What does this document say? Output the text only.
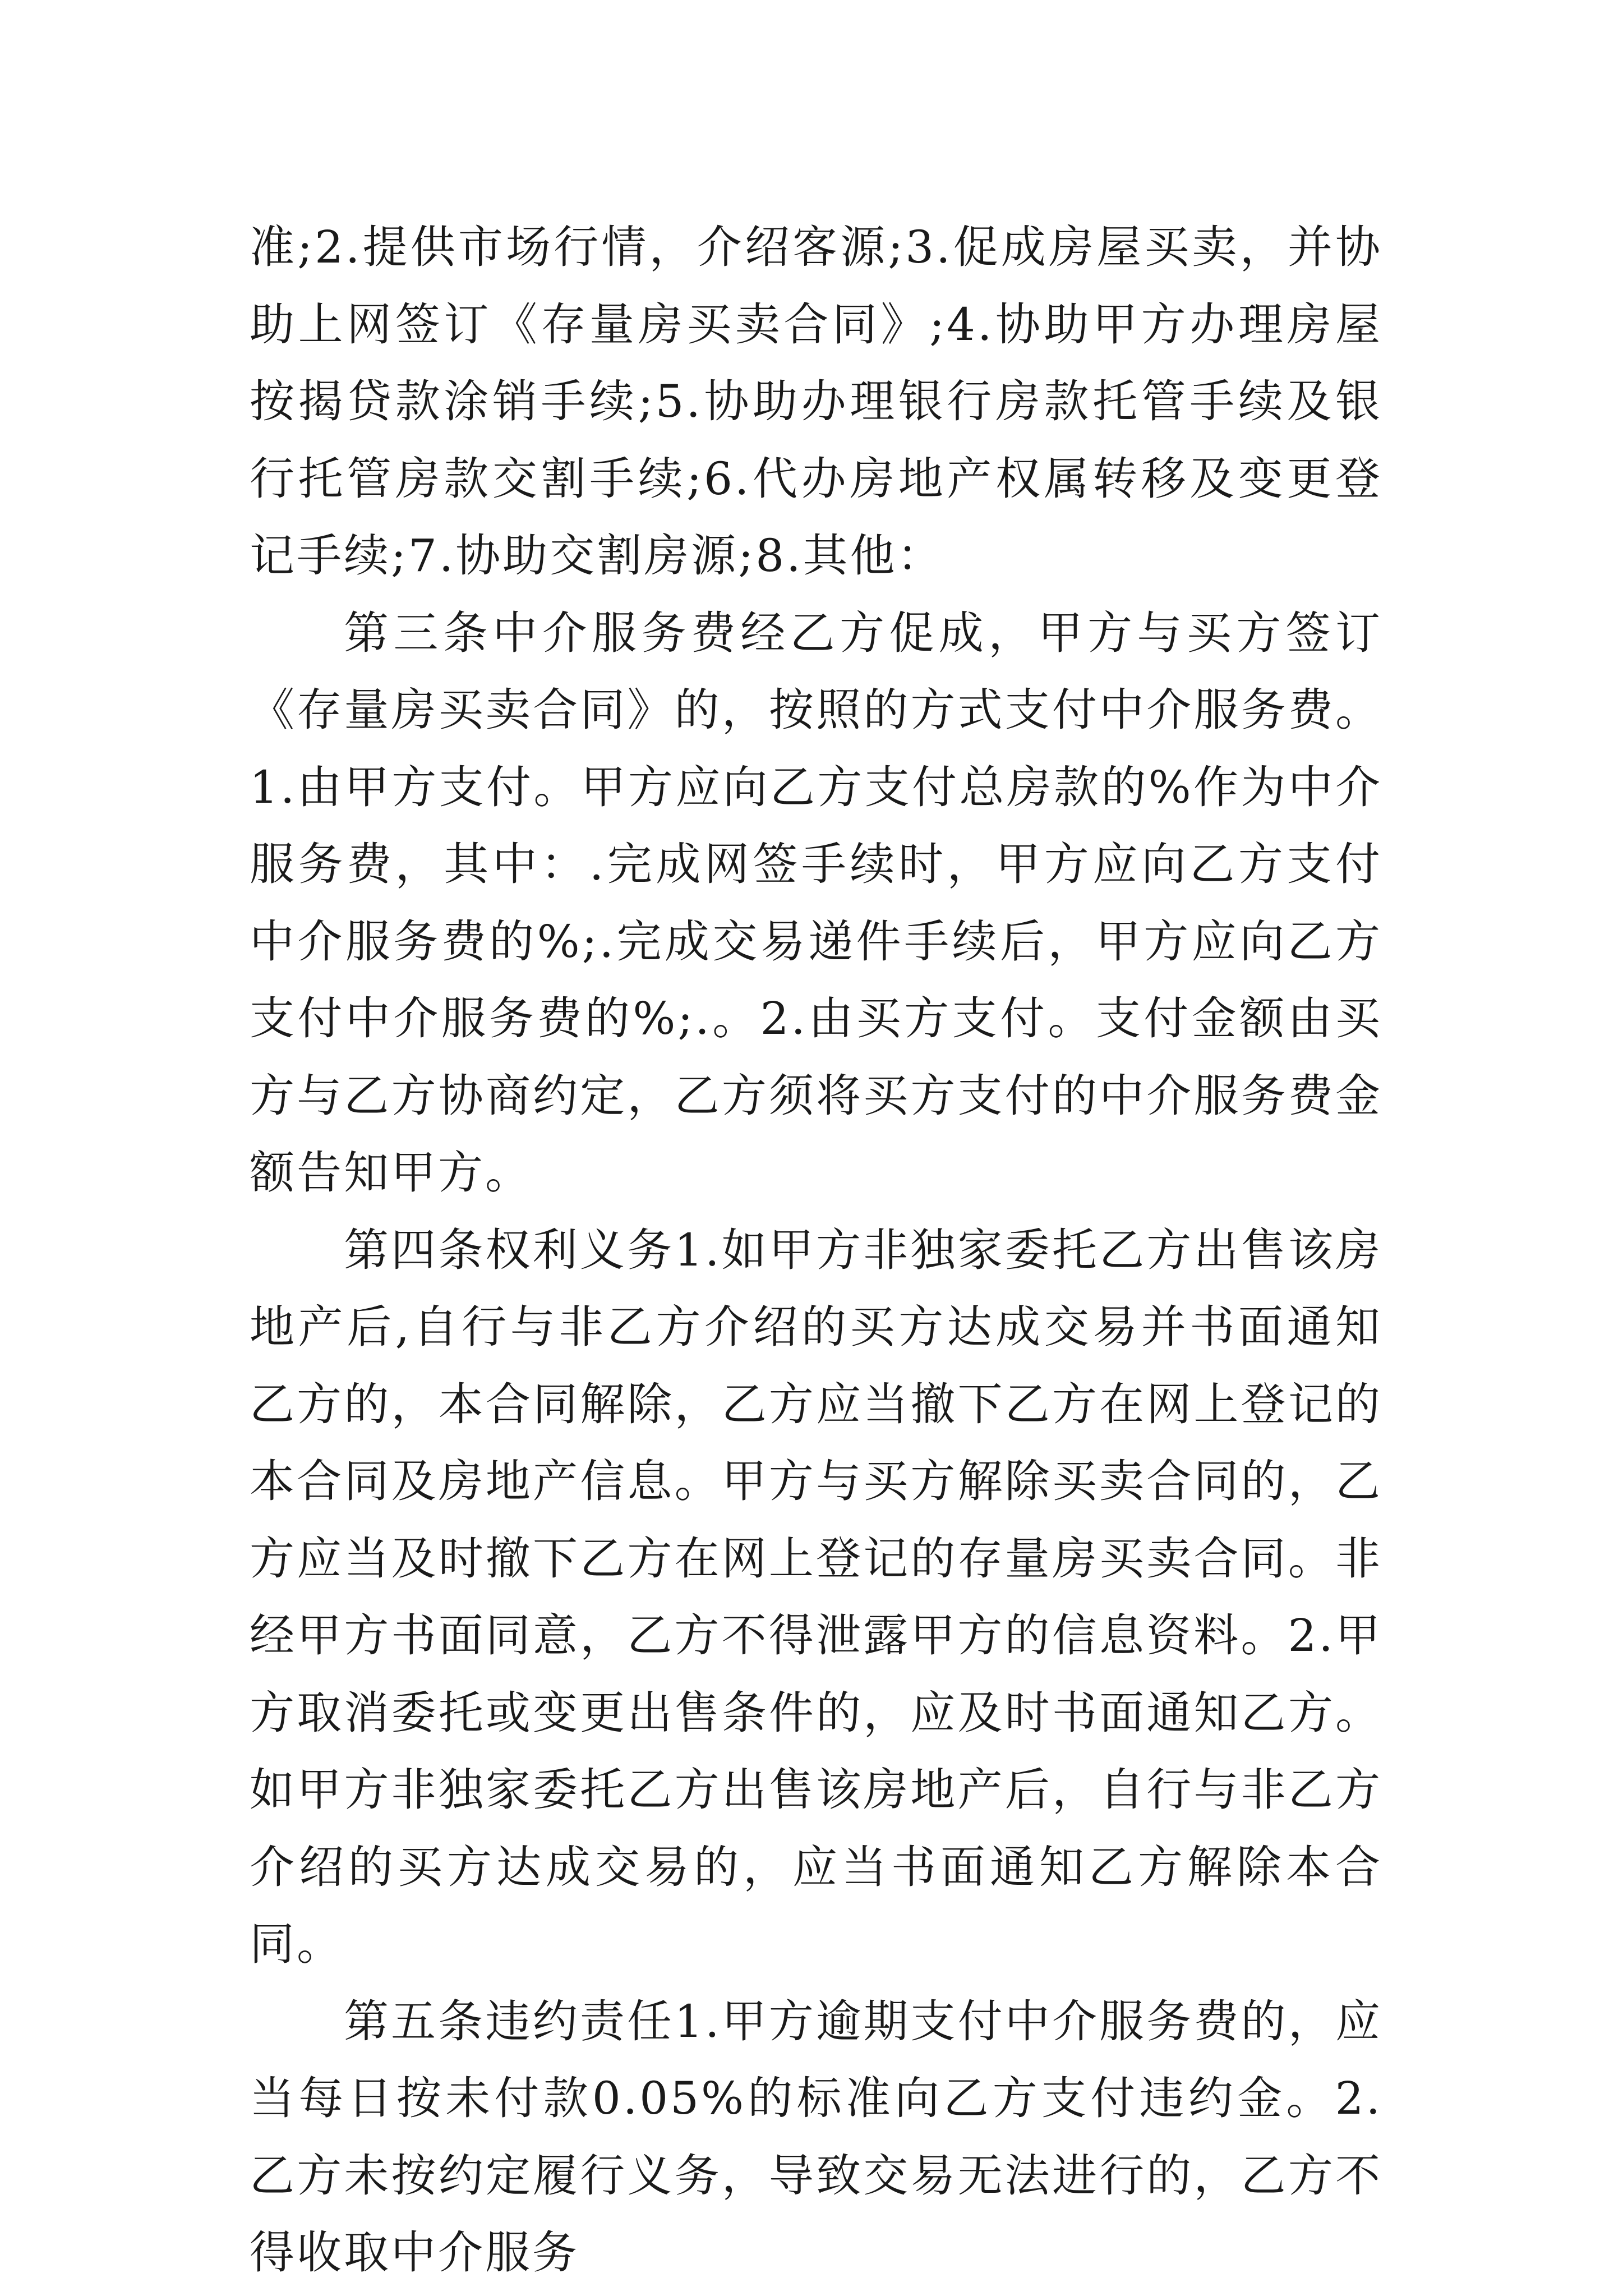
准;2.提供市场行情，介绍客源;3.促成房屋买卖，并协助上网签订《存量房买卖合同》;4.协助甲方办理房屋按揭贷款涂销手续;5.协助办理银行房款托管手续及银行托管房款交割手续;6.代办房地产权属转移及变更登记手续;7.协助交割房源;8.其他：

第三条中介服务费经乙方促成，甲方与买方签订《存量房买卖合同》的，按照的方式支付中介服务费。1.由甲方支付。甲方应向乙方支付总房款的%作为中介服务费，其中：.完成网签手续时，甲方应向乙方支付中介服务费的%;.完成交易递件手续后，甲方应向乙方支付中介服务费的%;.。2.由买方支付。支付金额由买方与乙方协商约定，乙方须将买方支付的中介服务费金额告知甲方。

第四条权利义务1.如甲方非独家委托乙方出售该房地产后,自行与非乙方介绍的买方达成交易并书面通知乙方的，本合同解除，乙方应当撤下乙方在网上登记的本合同及房地产信息。甲方与买方解除买卖合同的，乙方应当及时撤下乙方在网上登记的存量房买卖合同。非经甲方书面同意，乙方不得泄露甲方的信息资料。2.甲方取消委托或变更出售条件的，应及时书面通知乙方。如甲方非独家委托乙方出售该房地产后，自行与非乙方介绍的买方达成交易的，应当书面通知乙方解除本合同。

第五条违约责任1.甲方逾期支付中介服务费的，应当每日按未付款0.05%的标准向乙方支付违约金。2.乙方未按约定履行义务，导致交易无法进行的，乙方不得收取中介服务
